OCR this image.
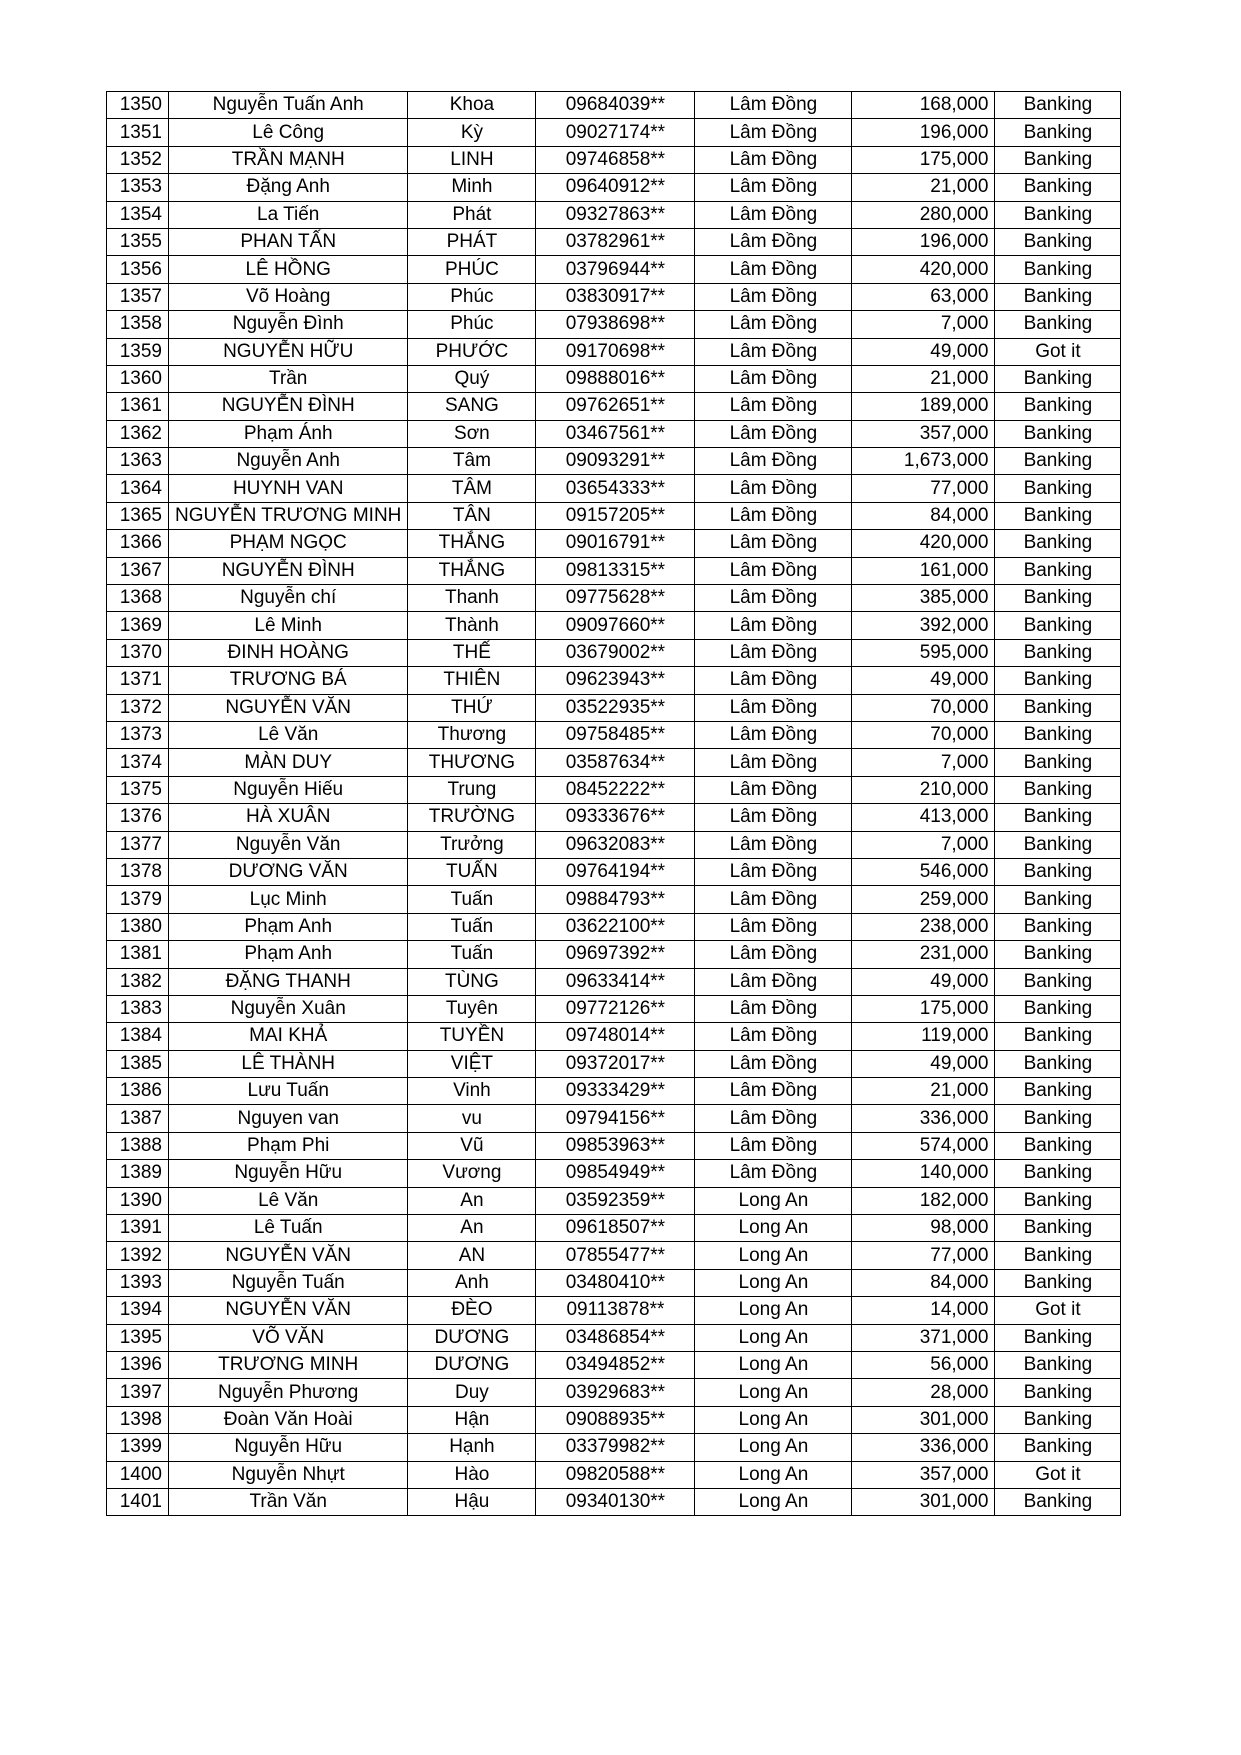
1350	Nguyễn Tuấn Anh	Khoa	09684039**	Lâm Đồng	168,000	Banking
1351	Lê Công	Kỳ	09027174**	Lâm Đồng	196,000	Banking
1352	TRẦN MẠNH	LINH	09746858**	Lâm Đồng	175,000	Banking
1353	Đặng Anh	Minh	09640912**	Lâm Đồng	21,000	Banking
1354	La Tiến	Phát	09327863**	Lâm Đồng	280,000	Banking
1355	PHAN TẤN	PHÁT	03782961**	Lâm Đồng	196,000	Banking
1356	LÊ HỒNG	PHÚC	03796944**	Lâm Đồng	420,000	Banking
1357	Võ Hoàng	Phúc	03830917**	Lâm Đồng	63,000	Banking
1358	Nguyễn Đình	Phúc	07938698**	Lâm Đồng	7,000	Banking
1359	NGUYỄN HỮU	PHƯỚC	09170698**	Lâm Đồng	49,000	Got it
1360	Trần	Quý	09888016**	Lâm Đồng	21,000	Banking
1361	NGUYỄN ĐÌNH	SANG	09762651**	Lâm Đồng	189,000	Banking
1362	Phạm Ánh	Sơn	03467561**	Lâm Đồng	357,000	Banking
1363	Nguyễn Anh	Tâm	09093291**	Lâm Đồng	1,673,000	Banking
1364	HUYNH VAN	TÂM	03654333**	Lâm Đồng	77,000	Banking
1365	NGUYỄN TRƯƠNG MINH	TÂN	09157205**	Lâm Đồng	84,000	Banking
1366	PHẠM NGỌC	THẮNG	09016791**	Lâm Đồng	420,000	Banking
1367	NGUYỄN ĐÌNH	THẮNG	09813315**	Lâm Đồng	161,000	Banking
1368	Nguyễn chí	Thanh	09775628**	Lâm Đồng	385,000	Banking
1369	Lê Minh	Thành	09097660**	Lâm Đồng	392,000	Banking
1370	ĐINH HOÀNG	THẾ	03679002**	Lâm Đồng	595,000	Banking
1371	TRƯƠNG BÁ	THIÊN	09623943**	Lâm Đồng	49,000	Banking
1372	NGUYỄN VĂN	THỨ	03522935**	Lâm Đồng	70,000	Banking
1373	Lê Văn	Thương	09758485**	Lâm Đồng	70,000	Banking
1374	MÀN DUY	THƯƠNG	03587634**	Lâm Đồng	7,000	Banking
1375	Nguyễn Hiếu	Trung	08452222**	Lâm Đồng	210,000	Banking
1376	HÀ XUÂN	TRƯỜNG	09333676**	Lâm Đồng	413,000	Banking
1377	Nguyễn Văn	Trưởng	09632083**	Lâm Đồng	7,000	Banking
1378	DƯƠNG VĂN	TUẤN	09764194**	Lâm Đồng	546,000	Banking
1379	Lục Minh	Tuấn	09884793**	Lâm Đồng	259,000	Banking
1380	Phạm Anh	Tuấn	03622100**	Lâm Đồng	238,000	Banking
1381	Phạm Anh	Tuấn	09697392**	Lâm Đồng	231,000	Banking
1382	ĐẶNG THANH	TÙNG	09633414**	Lâm Đồng	49,000	Banking
1383	Nguyễn Xuân	Tuyên	09772126**	Lâm Đồng	175,000	Banking
1384	MAI KHẢ	TUYỀN	09748014**	Lâm Đồng	119,000	Banking
1385	LÊ THÀNH	VIỆT	09372017**	Lâm Đồng	49,000	Banking
1386	Lưu Tuấn	Vinh	09333429**	Lâm Đồng	21,000	Banking
1387	Nguyen van	vu	09794156**	Lâm Đồng	336,000	Banking
1388	Phạm Phi	Vũ	09853963**	Lâm Đồng	574,000	Banking
1389	Nguyễn Hữu	Vương	09854949**	Lâm Đồng	140,000	Banking
1390	Lê Văn	An	03592359**	Long An	182,000	Banking
1391	Lê Tuấn	An	09618507**	Long An	98,000	Banking
1392	NGUYỄN VĂN	AN	07855477**	Long An	77,000	Banking
1393	Nguyễn Tuấn	Anh	03480410**	Long An	84,000	Banking
1394	NGUYỄN VĂN	ĐÈO	09113878**	Long An	14,000	Got it
1395	VÕ VĂN	DƯƠNG	03486854**	Long An	371,000	Banking
1396	TRƯƠNG MINH	DƯƠNG	03494852**	Long An	56,000	Banking
1397	Nguyễn Phương	Duy	03929683**	Long An	28,000	Banking
1398	Đoàn Văn Hoài	Hận	09088935**	Long An	301,000	Banking
1399	Nguyễn Hữu	Hạnh	03379982**	Long An	336,000	Banking
1400	Nguyễn Nhựt	Hào	09820588**	Long An	357,000	Got it
1401	Trần Văn	Hậu	09340130**	Long An	301,000	Banking
